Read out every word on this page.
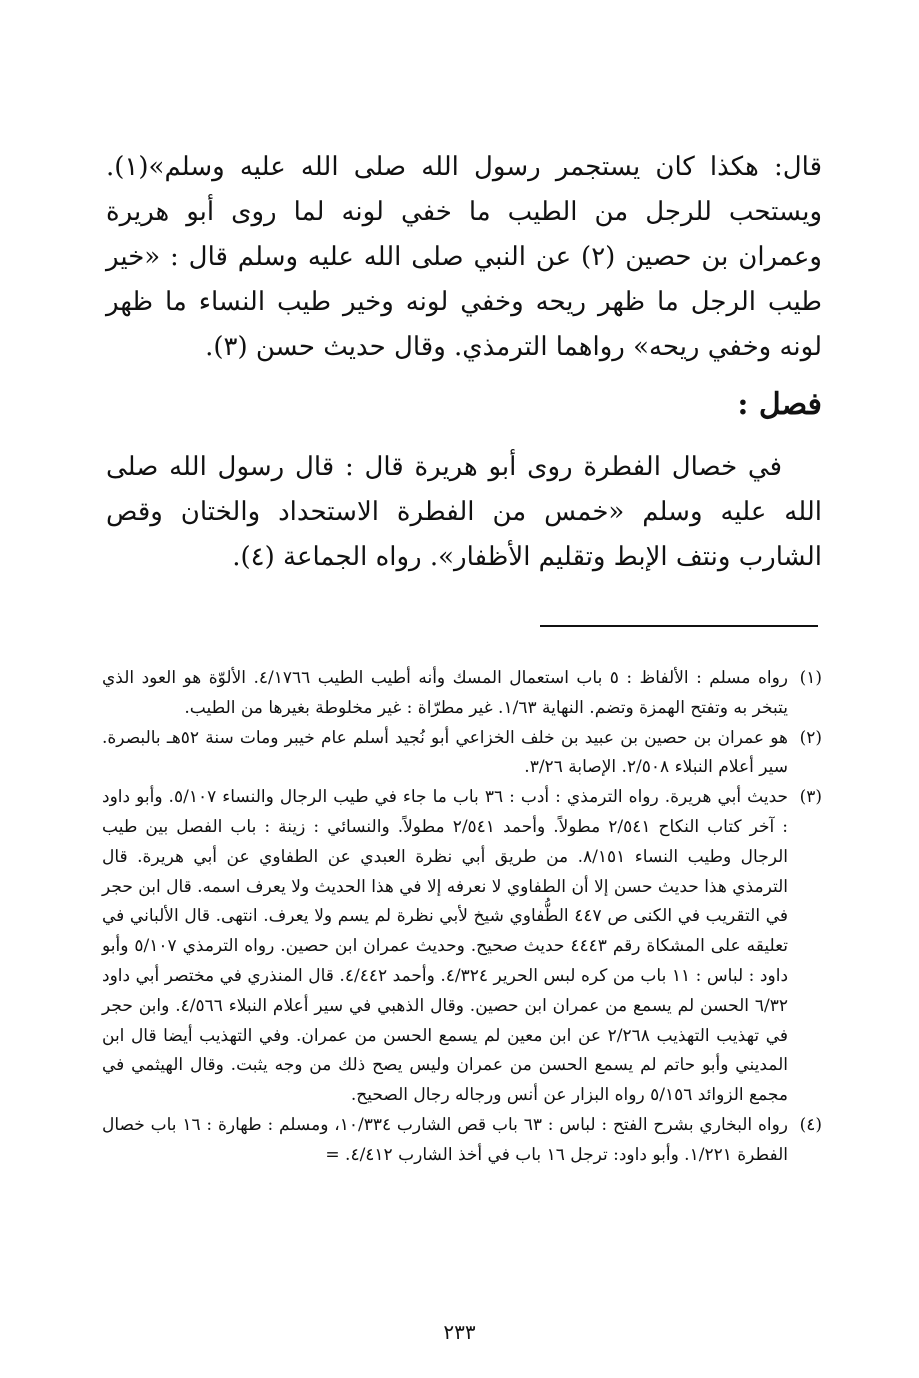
قال: هكذا كان يستجمر رسول الله صلى الله عليه وسلم»(١). ويستحب للرجل من الطيب ما خفي لونه لما روى أبو هريرة وعمران بن حصين (٢) عن النبي صلى الله عليه وسلم قال : «خير طيب الرجل ما ظهر ريحه وخفي لونه وخير طيب النساء ما ظهر لونه وخفي ريحه» رواهما الترمذي. وقال حديث حسن (٣).

فصل :

في خصال الفطرة روى أبو هريرة قال : قال رسول الله صلى الله عليه وسلم «خمس من الفطرة الاستحداد والختان وقص الشارب ونتف الإبط وتقليم الأظفار». رواه الجماعة (٤).

(١)
رواه مسلم : الألفاظ : ٥ باب استعمال المسك وأنه أطيب الطيب ٤/١٧٦٦. الألوّة هو العود الذي يتبخر به وتفتح الهمزة وتضم. النهاية ١/٦٣. غير مطرّاة : غير مخلوطة بغيرها من الطيب.
(٢)
هو عمران بن حصين بن عبيد بن خلف الخزاعي أبو نُجيد أسلم عام خيبر ومات سنة ٥٢هـ بالبصرة. سير أعلام النبلاء ٢/٥٠٨. الإصابة ٣/٢٦.
(٣)
حديث أبي هريرة. رواه الترمذي : أدب : ٣٦ باب ما جاء في طيب الرجال والنساء ٥/١٠٧. وأبو داود : آخر كتاب النكاح ٢/٥٤١ مطولاً. وأحمد ٢/٥٤١ مطولاً. والنسائي : زينة : باب الفصل بين طيب الرجال وطيب النساء ٨/١٥١. من طريق أبي نظرة العبدي عن الطفاوي عن أبي هريرة. قال الترمذي هذا حديث حسن إلا أن الطفاوي لا نعرفه إلا في هذا الحديث ولا يعرف اسمه. قال ابن حجر في التقريب في الكنى ص ٤٤٧ الطُّفاوي شيخ لأبي نظرة لم يسم ولا يعرف. انتهى. قال الألباني في تعليقه على المشكاة رقم ٤٤٤٣ حديث صحيح. وحديث عمران ابن حصين. رواه الترمذي ٥/١٠٧ وأبو داود : لباس : ١١ باب من كره لبس الحرير ٤/٣٢٤. وأحمد ٤/٤٤٢. قال المنذري في مختصر أبي داود ٦/٣٢ الحسن لم يسمع من عمران ابن حصين. وقال الذهبي في سير أعلام النبلاء ٤/٥٦٦. وابن حجر في تهذيب التهذيب ٢/٢٦٨ عن ابن معين لم يسمع الحسن من عمران. وفي التهذيب أيضا قال ابن المديني وأبو حاتم لم يسمع الحسن من عمران وليس يصح ذلك من وجه يثبت. وقال الهيثمي في مجمع الزوائد ٥/١٥٦ رواه البزار عن أنس ورجاله رجال الصحيح.
(٤)
رواه البخاري بشرح الفتح : لباس : ٦٣ باب قص الشارب ١٠/٣٣٤، ومسلم : طهارة : ١٦ باب خصال الفطرة ١/٢٢١. وأبو داود: ترجل ١٦ باب في أخذ الشارب ٤/٤١٢. =
٢٣٣
